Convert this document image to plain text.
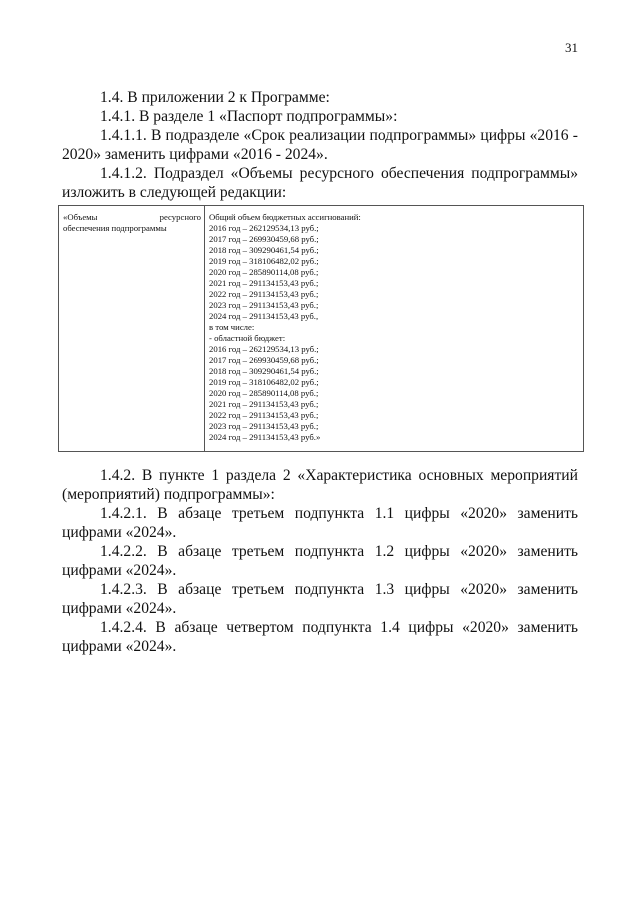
31

1.4. В приложении 2 к Программе:

1.4.1. В разделе 1 «Паспорт подпрограммы»:

1.4.1.1. В подразделе «Срок реализации подпрограммы» цифры «2016 - 2020» заменить цифрами «2016 - 2024».

1.4.1.2. Подраздел «Объемы ресурсного обеспечения подпрограммы» изложить в следующей редакции:

«Объемы ресурсного
обеспечения подпрограммы
Общий объем бюджетных ассигнований:
2016 год – 262129534,13 руб.;
2017 год – 269930459,68 руб.;
2018 год – 309290461,54 руб.;
2019 год – 318106482,02 руб.;
2020 год – 285890114,08 руб.;
2021 год – 291134153,43 руб.;
2022 год – 291134153,43 руб.;
2023 год – 291134153,43 руб.;
2024 год – 291134153,43 руб.,
в том числе:
- областной бюджет:
2016 год – 262129534,13 руб.;
2017 год – 269930459,68 руб.;
2018 год – 309290461,54 руб.;
2019 год – 318106482,02 руб.;
2020 год – 285890114,08 руб.;
2021 год – 291134153,43 руб.;
2022 год – 291134153,43 руб.;
2023 год – 291134153,43 руб.;
2024 год – 291134153,43 руб.»

1.4.2. В пункте 1 раздела 2 «Характеристика основных мероприятий (мероприятий) подпрограммы»:

1.4.2.1. В абзаце третьем подпункта 1.1 цифры «2020» заменить цифрами «2024».

1.4.2.2. В абзаце третьем подпункта 1.2 цифры «2020» заменить цифрами «2024».

1.4.2.3. В абзаце третьем подпункта 1.3 цифры «2020» заменить цифрами «2024».

1.4.2.4. В абзаце четвертом подпункта 1.4 цифры «2020» заменить цифрами «2024».
